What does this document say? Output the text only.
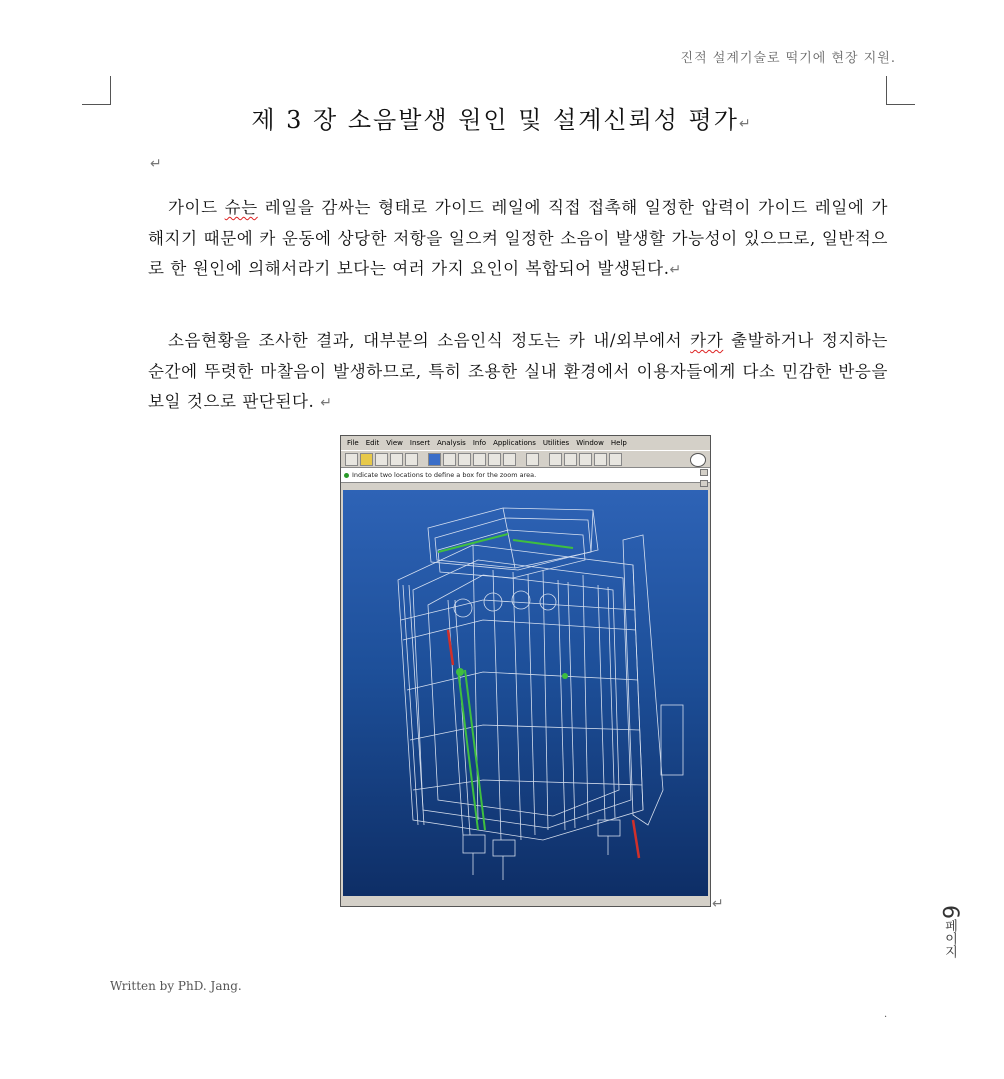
진적 설계기술로 떡기에 현장 지원.
제 3 장 소음발생 원인 및 설계신뢰성 평가↵
↵

가이드 슈는 레일을 감싸는 형태로 가이드 레일에 직접 접촉해 일정한 압력이 가이드 레일에 가해지기 때문에 카 운동에 상당한 저항을 일으켜 일정한 소음이 발생할 가능성이 있으므로, 일반적으로 한 원인에 의해서라기 보다는 여러 가지 요인이 복합되어 발생된다.↵

소음현황을 조사한 결과, 대부분의 소음인식 정도는 카 내/외부에서 카가 출발하거나 정지하는 순간에 뚜렷한 마찰음이 발생하므로, 특히 조용한 실내 환경에서 이용자들에게 다소 민감한 반응을 보일 것으로 판단된다. ↵

File Edit View Insert Analysis Info Applications Utilities Window Help
Indicate two locations to define a box for the zoom area.
↵
Written by PhD. Jang.
6페이지
·
